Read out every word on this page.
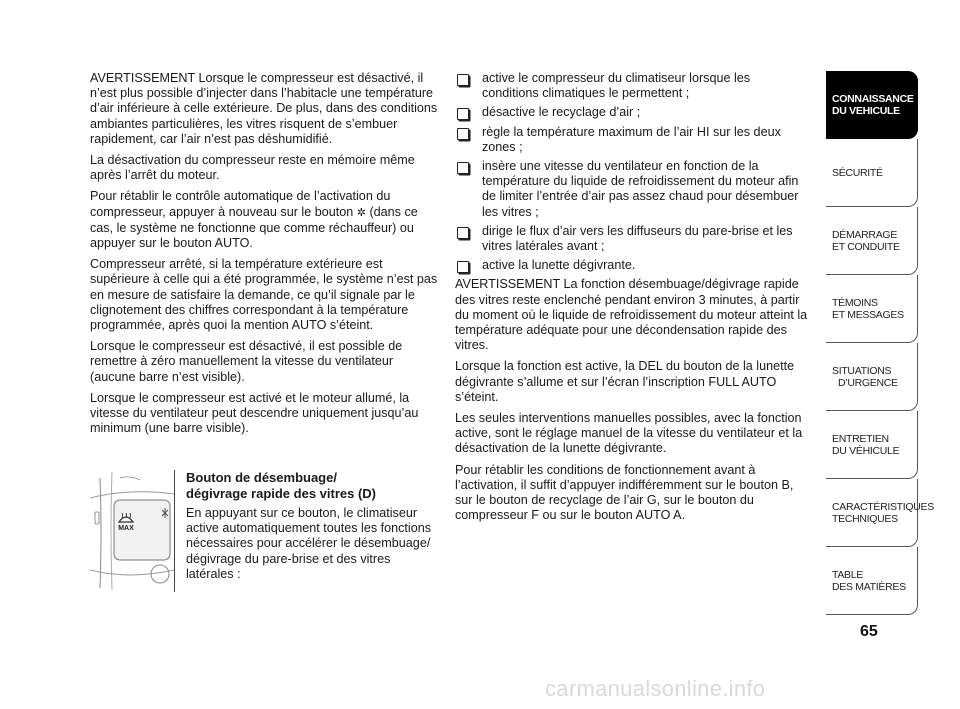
AVERTISSEMENT Lorsque le compresseur est désactivé, il n’est plus possible d’injecter dans l’habitacle une température d’air inférieure à celle extérieure. De plus, dans des conditions ambiantes particulières, les vitres risquent de s’embuer rapidement, car l’air n’est pas déshumidifié.

La désactivation du compresseur reste en mémoire même après l’arrêt du moteur.

Pour rétablir le contrôle automatique de l’activation du compresseur, appuyer à nouveau sur le bouton ✲ (dans ce cas, le système ne fonctionne que comme réchauffeur) ou appuyer sur le bouton AUTO.

Compresseur arrêté, si la température extérieure est supérieure à celle qui a été programmée, le système n’est pas en mesure de satisfaire la demande, ce qu’il signale par le clignotement des chiffres correspondant à la température programmée, après quoi la mention AUTO s’éteint.

Lorsque le compresseur est désactivé, il est possible de remettre à zéro manuellement la vitesse du ventilateur (aucune barre n’est visible).

Lorsque le compresseur est activé et le moteur allumé, la vitesse du ventilateur peut descendre uniquement jusqu’au minimum (une barre visible).

MAX
Bouton de désembuage/
dégivrage rapide des vitres (D)

En appuyant sur ce bouton, le climatiseur active automatiquement toutes les fonctions nécessaires pour accélérer le désembuage/ dégivrage du pare-brise et des vitres latérales :

active le compresseur du climatiseur lorsque les conditions climatiques le permettent ;
désactive le recyclage d’air ;
règle la température maximum de l’air HI sur les deux zones ;
insère une vitesse du ventilateur en fonction de la température du liquide de refroidissement du moteur afin de limiter l’entrée d’air pas assez chaud pour désembuer les vitres ;
dirige le flux d’air vers les diffuseurs du pare-brise et les vitres latérales avant ;
active la lunette dégivrante.

AVERTISSEMENT La fonction désembuage/dégivrage rapide des vitres reste enclenché pendant environ 3 minutes, à partir du moment où le liquide de refroidissement du moteur atteint la température adéquate pour une décondensation rapide des vitres.

Lorsque la fonction est active, la DEL du bouton de la lunette dégivrante s’allume et sur l’écran l’inscription FULL AUTO s’éteint.

Les seules interventions manuelles possibles, avec la fonction active, sont le réglage manuel de la vitesse du ventilateur et la désactivation de la lunette dégivrante.

Pour rétablir les conditions de fonctionnement avant à l’activation, il suffit d’appuyer indifféremment sur le bouton B, sur le bouton de recyclage de l’air G, sur le bouton du compresseur F ou sur le bouton AUTO A.

CONNAISSANCE
DU VEHICULE
SÉCURITÉ
DÉMARRAGE
ET CONDUITE
TÉMOINS
ET MESSAGES
SITUATIONS
D’URGENCE
ENTRETIEN
DU VÉHICULE
CARACTÉRISTIQUES
TECHNIQUES
TABLE
DES MATIÈRES
65
carmanualsonline.info
